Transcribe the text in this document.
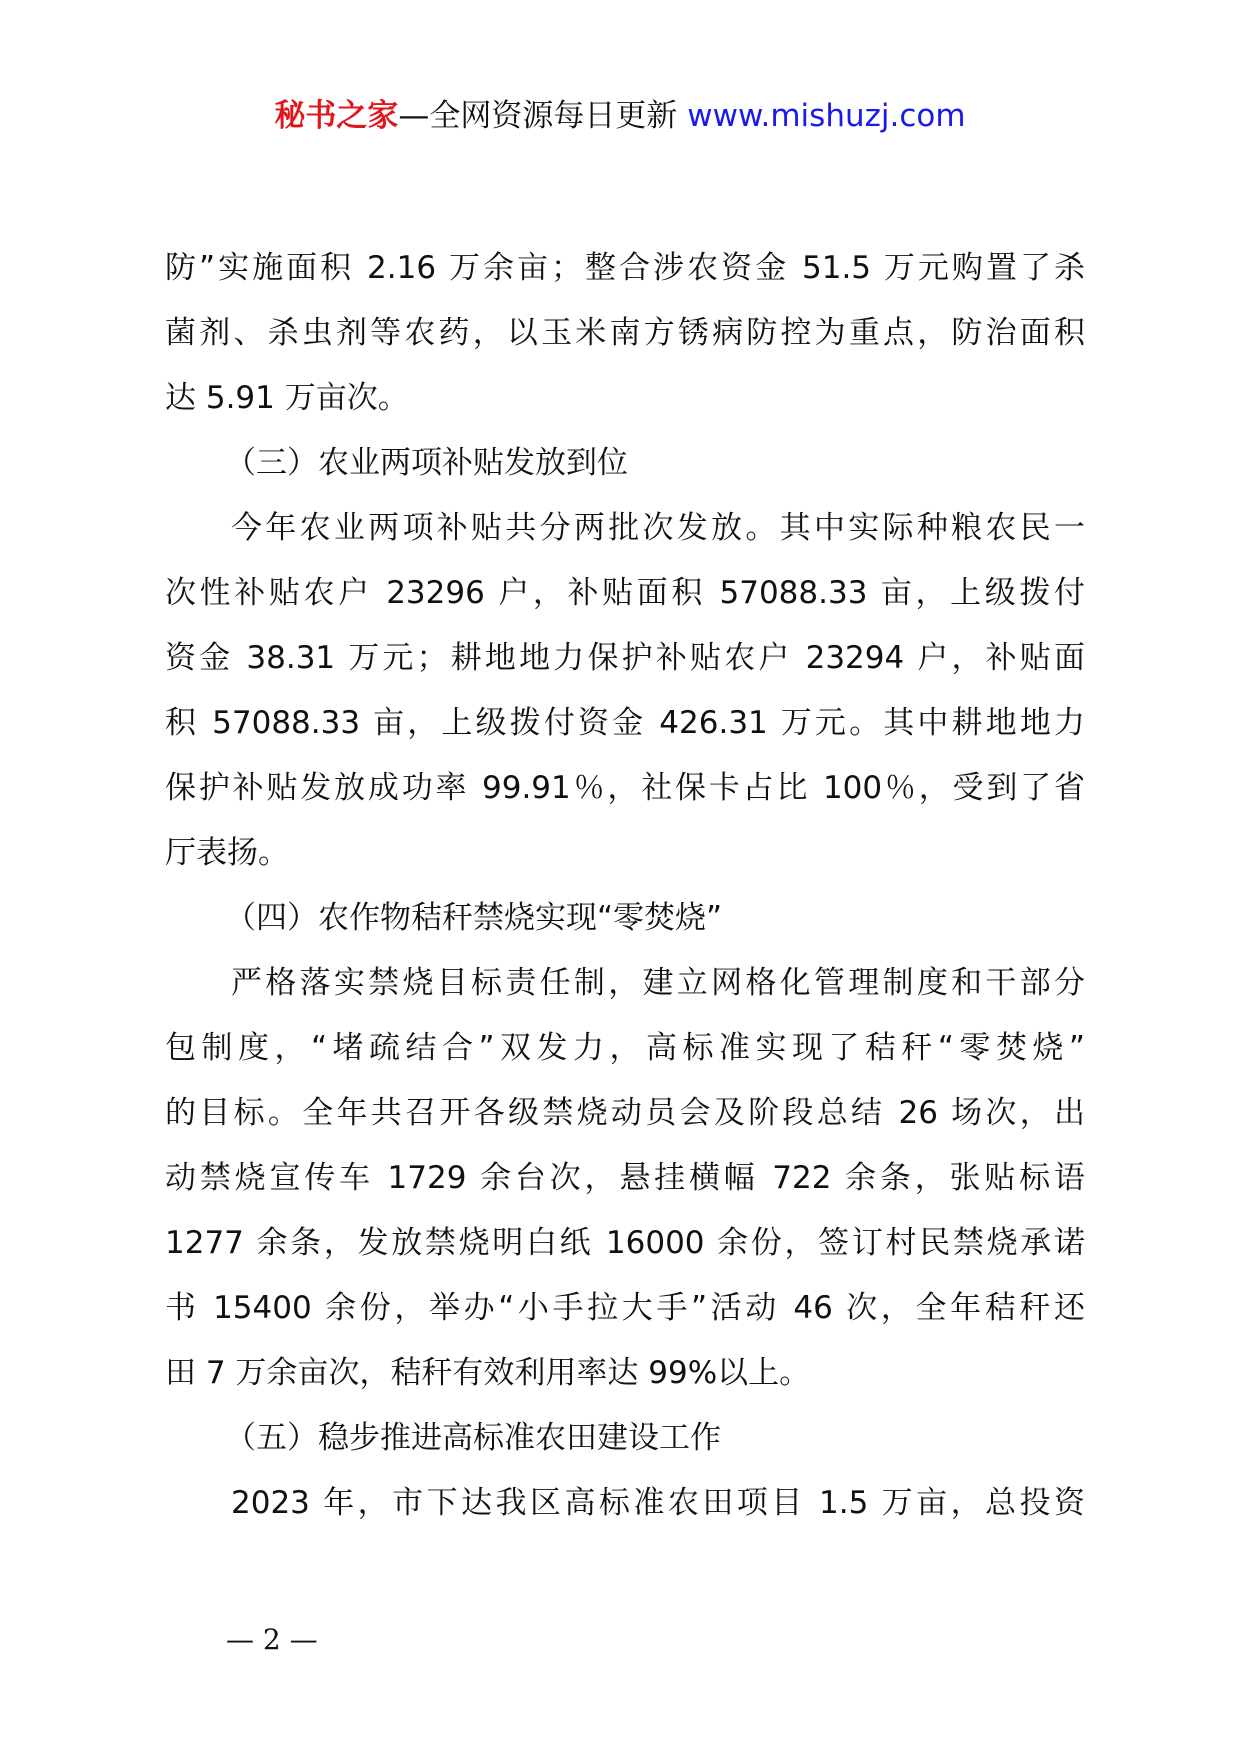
秘书之家—全网资源每日更新 www.mishuzj.com
防”实施面积 2.16 万余亩；整合涉农资金 51.5 万元购置了杀
菌剂、杀虫剂等农药，以玉米南方锈病防控为重点，防治面积
达 5.91 万亩次。
（三）农业两项补贴发放到位
今年农业两项补贴共分两批次发放。其中实际种粮农民一
次性补贴农户 23296 户，补贴面积 57088.33 亩，上级拨付
资金 38.31 万元；耕地地力保护补贴农户 23294 户，补贴面
积 57088.33 亩，上级拨付资金 426.31 万元。其中耕地地力
保护补贴发放成功率 99.91％，社保卡占比 100％，受到了省
厅表扬。
（四）农作物秸秆禁烧实现“零焚烧”
严格落实禁烧目标责任制，建立网格化管理制度和干部分
包制度，“堵疏结合”双发力，高标准实现了秸秆“零焚烧”
的目标。全年共召开各级禁烧动员会及阶段总结 26 场次，出
动禁烧宣传车 1729 余台次，悬挂横幅 722 余条，张贴标语
1277 余条，发放禁烧明白纸 16000 余份，签订村民禁烧承诺
书 15400 余份，举办“小手拉大手”活动 46 次，全年秸秆还
田 7 万余亩次，秸秆有效利用率达 99%以上。
（五）稳步推进高标准农田建设工作
2023 年，市下达我区高标准农田项目 1.5 万亩，总投资
— 2 —
